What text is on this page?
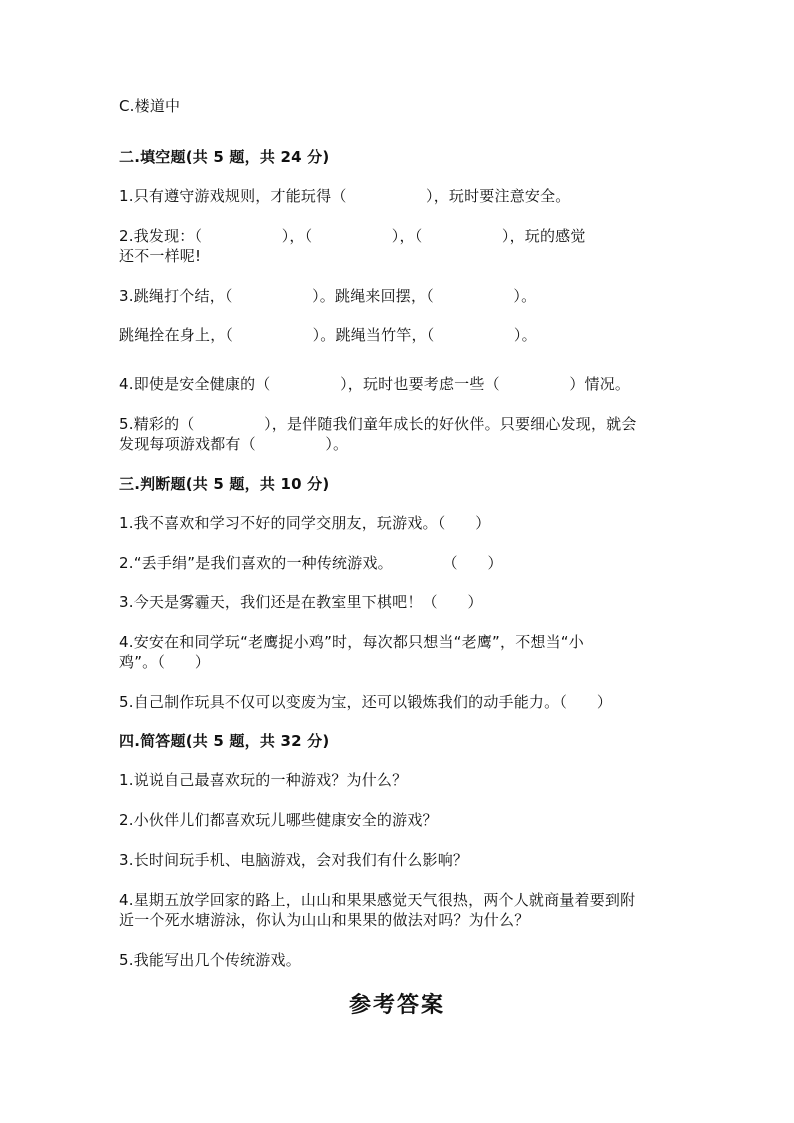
C.楼道中
二.填空题(共 5 题，共 24 分)
1.只有遵守游戏规则，才能玩得（                ），玩时要注意安全。
2.我发现：（                ），（                ），（                ），玩的感觉
还不一样呢!
3.跳绳打个结，（                ）。跳绳来回摆，（                ）。
跳绳拴在身上，（                ）。跳绳当竹竿，（                ）。
4.即使是安全健康的（              ），玩时也要考虑一些（              ）情况。
5.精彩的（              ），是伴随我们童年成长的好伙伴。只要细心发现，就会
发现每项游戏都有（              ）。
三.判断题(共 5 题，共 10 分)
1.我不喜欢和学习不好的同学交朋友，玩游戏。（      ）
2.“丢手绢”是我们喜欢的一种传统游戏。          （      ）
3.今天是雾霾天，我们还是在教室里下棋吧！（      ）
4.安安在和同学玩“老鹰捉小鸡”时，每次都只想当“老鹰”，不想当“小
鸡”。（      ）
5.自己制作玩具不仅可以变废为宝，还可以锻炼我们的动手能力。（      ）
四.简答题(共 5 题，共 32 分)
1.说说自己最喜欢玩的一种游戏？为什么？
2.小伙伴儿们都喜欢玩儿哪些健康安全的游戏？
3.长时间玩手机、电脑游戏，会对我们有什么影响？
4.星期五放学回家的路上，山山和果果感觉天气很热，两个人就商量着要到附
近一个死水塘游泳，你认为山山和果果的做法对吗？为什么？
5.我能写出几个传统游戏。
参考答案
